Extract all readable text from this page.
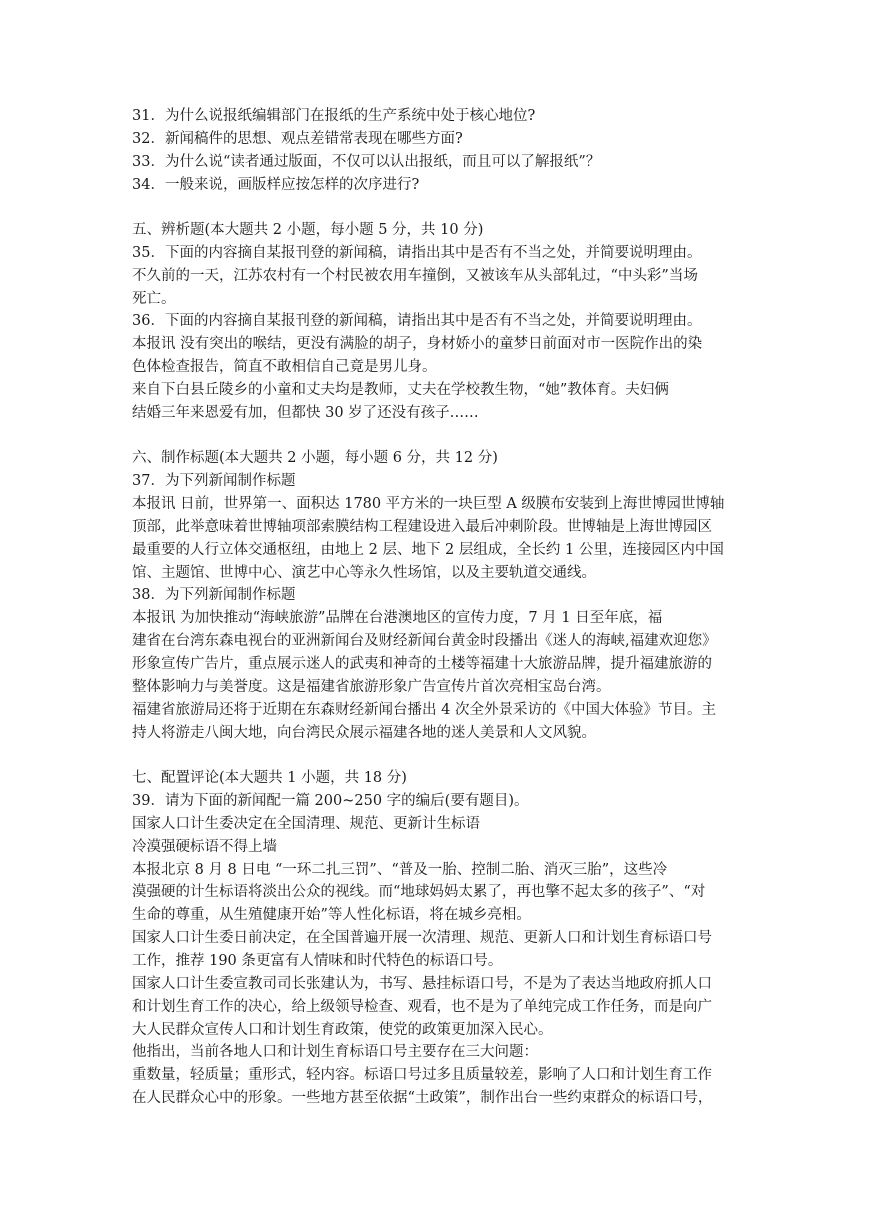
31．为什么说报纸编辑部门在报纸的生产系统中处于核心地位?
32．新闻稿件的思想、观点差错常表现在哪些方面?
33．为什么说“读者通过版面，不仅可以认出报纸，而且可以了解报纸”？
34．一般来说，画版样应按怎样的次序进行?
五、辨析题(本大题共 2 小题，每小题 5 分，共 10 分)
35．下面的内容摘自某报刊登的新闻稿，请指出其中是否有不当之处，并简要说明理由。
不久前的一天，江苏农村有一个村民被农用车撞倒，又被该车从头部轧过，“中头彩”当场
死亡。
36．下面的内容摘自某报刊登的新闻稿，请指出其中是否有不当之处，并简要说明理由。
本报讯 没有突出的喉结，更没有满脸的胡子，身材娇小的童梦日前面对市一医院作出的染
色体检查报告，简直不敢相信自己竟是男儿身。
来自下白县丘陵乡的小童和丈夫均是教师，丈夫在学校教生物，“她”教体育。夫妇俩
结婚三年来恩爱有加，但都快 30 岁了还没有孩子……
六、制作标题(本大题共 2 小题，每小题 6 分，共 12 分)
37．为下列新闻制作标题
本报讯 日前，世界第一、面积达 1780 平方米的一块巨型 A 级膜布安装到上海世博园世博轴
顶部，此举意味着世博轴项部索膜结构工程建设进入最后冲刺阶段。世博轴是上海世博园区
最重要的人行立体交通枢纽，由地上 2 层、地下 2 层组成，全长约 1 公里，连接园区内中国
馆、主题馆、世博中心、演艺中心等永久性场馆，以及主要轨道交通线。
38．为下列新闻制作标题
本报讯 为加快推动“海峡旅游”品牌在台港澳地区的宣传力度，7 月 1 日至年底，福
建省在台湾东森电视台的亚洲新闻台及财经新闻台黄金时段播出《迷人的海峡,福建欢迎您》
形象宣传广告片，重点展示迷人的武夷和神奇的土楼等福建十大旅游品牌，提升福建旅游的
整体影响力与美誉度。这是福建省旅游形象广告宣传片首次亮相宝岛台湾。
福建省旅游局还将于近期在东森财经新闻台播出 4 次全外景采访的《中国大体验》节目。主
持人将游走八闽大地，向台湾民众展示福建各地的迷人美景和人文风貌。
七、配置评论(本大题共 1 小题，共 18 分)
39．请为下面的新闻配一篇 200~250 字的编后(要有题目)。
国家人口计生委决定在全国清理、规范、更新计生标语
冷漠强硬标语不得上墙
本报北京 8 月 8 日电 “一环二扎三罚”、“普及一胎、控制二胎、消灭三胎”，这些冷
漠强硬的计生标语将淡出公众的视线。而“地球妈妈太累了，再也擎不起太多的孩子”、“对
生命的尊重，从生殖健康开始”等人性化标语，将在城乡亮相。
国家人口计生委日前决定，在全国普遍开展一次清理、规范、更新人口和计划生育标语口号
工作，推荐 190 条更富有人情味和时代特色的标语口号。
国家人口计生委宣教司司长张建认为，书写、悬挂标语口号，不是为了表达当地政府抓人口
和计划生育工作的决心，给上级领导检查、观看，也不是为了单纯完成工作任务，而是向广
大人民群众宣传人口和计划生育政策，使党的政策更加深入民心。
他指出，当前各地人口和计划生育标语口号主要存在三大问题：
重数量，轻质量；重形式，轻内容。标语口号过多且质量较差，影响了人口和计划生育工作
在人民群众心中的形象。一些地方甚至依据“土政策”，制作出台一些约束群众的标语口号，
